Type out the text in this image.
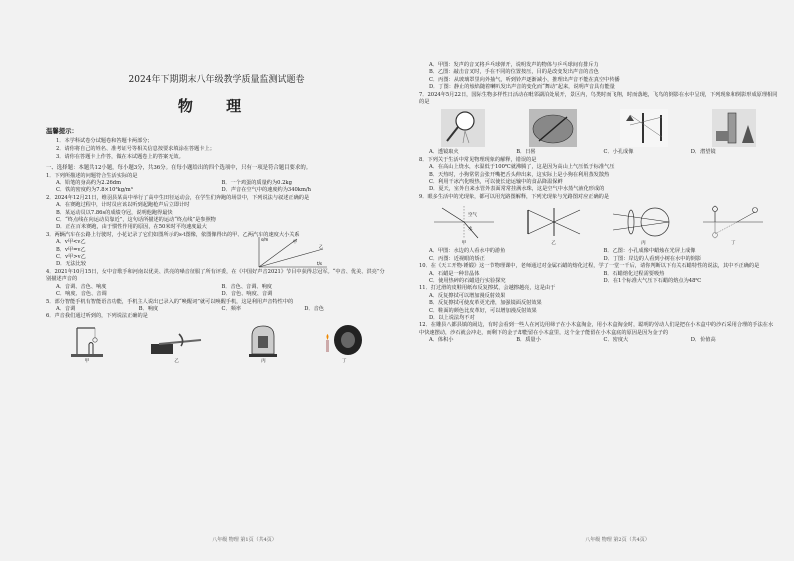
2024年下期期末八年级教学质量监测试题卷
物 理
温馨提示：
1．本学科试卷分试题卷和答题卡两部分；
2．请你将自己的姓名、准考证号等相关信息按要求填涂在答题卡上；
3．请你在答题卡上作答，做在本试题卷上的答案无效。
一、选择题：本题共12小题，每小题3分，共36分。在每小题给出的四个选项中，只有一项是符合题目要求的。
1．下列所描述的问题符合生活实际的是
A．铅笔的身高约为2.26dm	B．一个鸡蛋的质量约为0.2kg
C．铁的密度约为7.8×10³kg/m³	D．声音在空气中的速度约为340km/h
2．2024年12月21日，维羽县某高中举行了高中生田径运动会，在学生们奔跑的场景中，下列说法与叙述正确的是
A．在赛跑过程中，计时员应该以听到起跑枪声后立即计时
B．某运动员以7.86s的成绩夺冠，说明他跑得最快
C．“终点线在向运动员靠近”，这句话所描述的运动“终点线”是参照物
D．正在百米赛跑，由于惯性作用的原因，在50米时平均速度最大
3．两辆汽车在公路上行驶时，小花记录了它们如图所示的s-t图像，依图像得出的甲、乙两汽车的速度大小关系
A．v甲<v乙
B．v甲=v乙
C．v甲>v乙
D．无法比较
s/m
t/s
甲
乙
4．2021年10月15日，女中音歌手和河南以优美、洪亮的嗓音征服了所有评委，在《中国好声音2021》节目中获得总冠军。“中音、优美、洪亮”分别描述声音的
A．音调、音色、响度	B．音色、音调、响度
C．响度、音色、音调	D．音色、响度、音调
5．部分智能手机有智能语音功能，手机主人说出已录入的“唤醒词”就可以唤醒手机，这是利用声音特性中的
A．音调	B．响度	C．频率	D．音色
6．声音我们通过听到的，下列说法正确的是
甲	乙	丙	丁
八年级 物理 第1页（共4页）
A．甲图：发声的音叉将乒乓球弹开，说明发声的物体与乒乓球间有排斥力
B．乙图：敲击音叉时，手在不同的位置按压，目的是改变发出声音的音色
C．丙图：从玻璃罩里向外抽气，听到铃声逐渐减小，推理出声音不能在真空中传播
D．丁图：静止的烛焰随着喇叭发出声音的变化而“舞动”起来，说明声音具有能量
7．2024年5月22日，国际生物多样性日活动在毗邻湖泊处展开，景区内，鸟类时而飞翔，时而落地，飞鸟的倒影在水中呈现，下列现象和倒影形成原理相同的是
A．透镜取火	B．日晷	C．小孔成像	D．潜望镜
8．下列关于生活中常见物理现象的解释，错误的是
A．在高山上烧水，水温低于100℃就沸腾了，这是因为高山上气压低于标准气压
B．天热时，小狗常常会张开嘴把舌头伸出来，这实际上是小狗在利用蒸发散热
C．利用干冰汽化吸热，可以使长途运输中的食品降温保鲜
D．夏天，室外自来水管外表面常常挂满水珠，这是空气中水蒸气液化形成的
9．眼多生活中的光现象，都可以用光路图解释，下列光现象与光路图对应正确的是
空气
水
甲	乙	丙	丁
A．甲图：水边的人看水中的游鱼	B．乙图：小孔成像中蜡烛在光屏上成像
C．丙图：近视眼的矫正	D．丁图：岸边的人看到小树在水中的倒影
10．在《天工开物·锤锻》这一节物理课中，老师通过对金属石蜡的熔化过程，学了一堂一千后，请你判断以下有关石蜡特性的说法，其中不正确的是
A．石蜡是一种非晶体	B．石蜡熔化过程需要吸热
C．使用热碎的石蜡进行实验探究	D．在1个标准大气压下石蜡的熔点为48℃
11．打过滑的皮鞋用纸布反复擦拭，会越擦越亮，这是由于
A．反复擦拭可以增加漫反射效果
B．反复擦拭可使皮革更光滑，加强镜面反射效果
C．鞋面的颜色比皮革好，可以增加漫反射效果
D．以上说法均不对
12．在雕县八都县镇的闹边，有时会看到一些人在河边用筛子在小木盒淘金，用小木盒淘金时，聪明的劳动人们是把在小木盒中的沙石采用合理的手法在水中快速摆动，沙石就会冲走，而剩下的金子却能留在小木盒里，这个金子能留在小木盒底的原因是因为金子的
A．体积小	B．质量小	C．密度大	D．价值高
八年级 物理 第2页（共4页）
